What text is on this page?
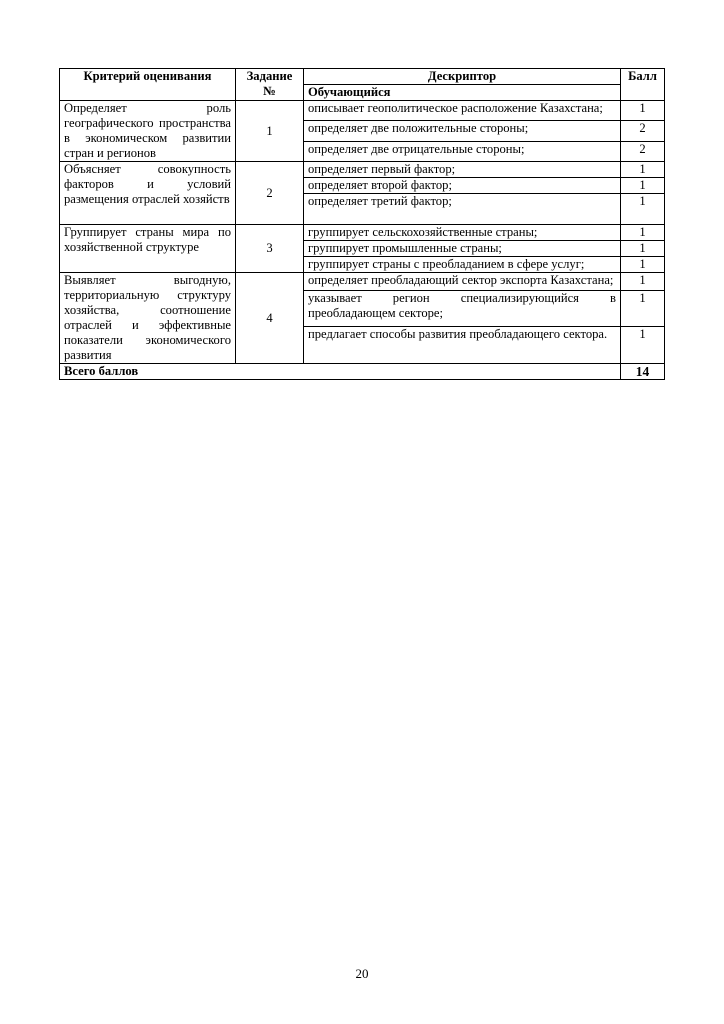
Критерий оценивания	Задание №	Дескриптор	Балл
		Обучающийся	
Определяет роль географического пространства в экономическом развитии стран и регионов	1	описывает геополитическое расположение Казахстана;	1
		определяет две положительные стороны;	2
		определяет две отрицательные стороны;	2
Объясняет совокупность факторов и условий размещения отраслей хозяйств	2	определяет первый фактор;	1
		определяет второй фактор;	1
		определяет третий фактор;	1
Группирует страны мира по хозяйственной структуре	3	группирует сельскохозяйственные страны;	1
		группирует промышленные страны;	1
		группирует страны с преобладанием в сфере услуг;	1
Выявляет выгодную, территориальную структуру хозяйства, соотношение отраслей и эффективные показатели экономического развития	4	определяет преобладающий сектор экспорта Казахстана;	1
		указывает регион специализирующийся в преобладающем секторе;	1
		предлагает способы развития преобладающего сектора.	1
Всего баллов			14
20
